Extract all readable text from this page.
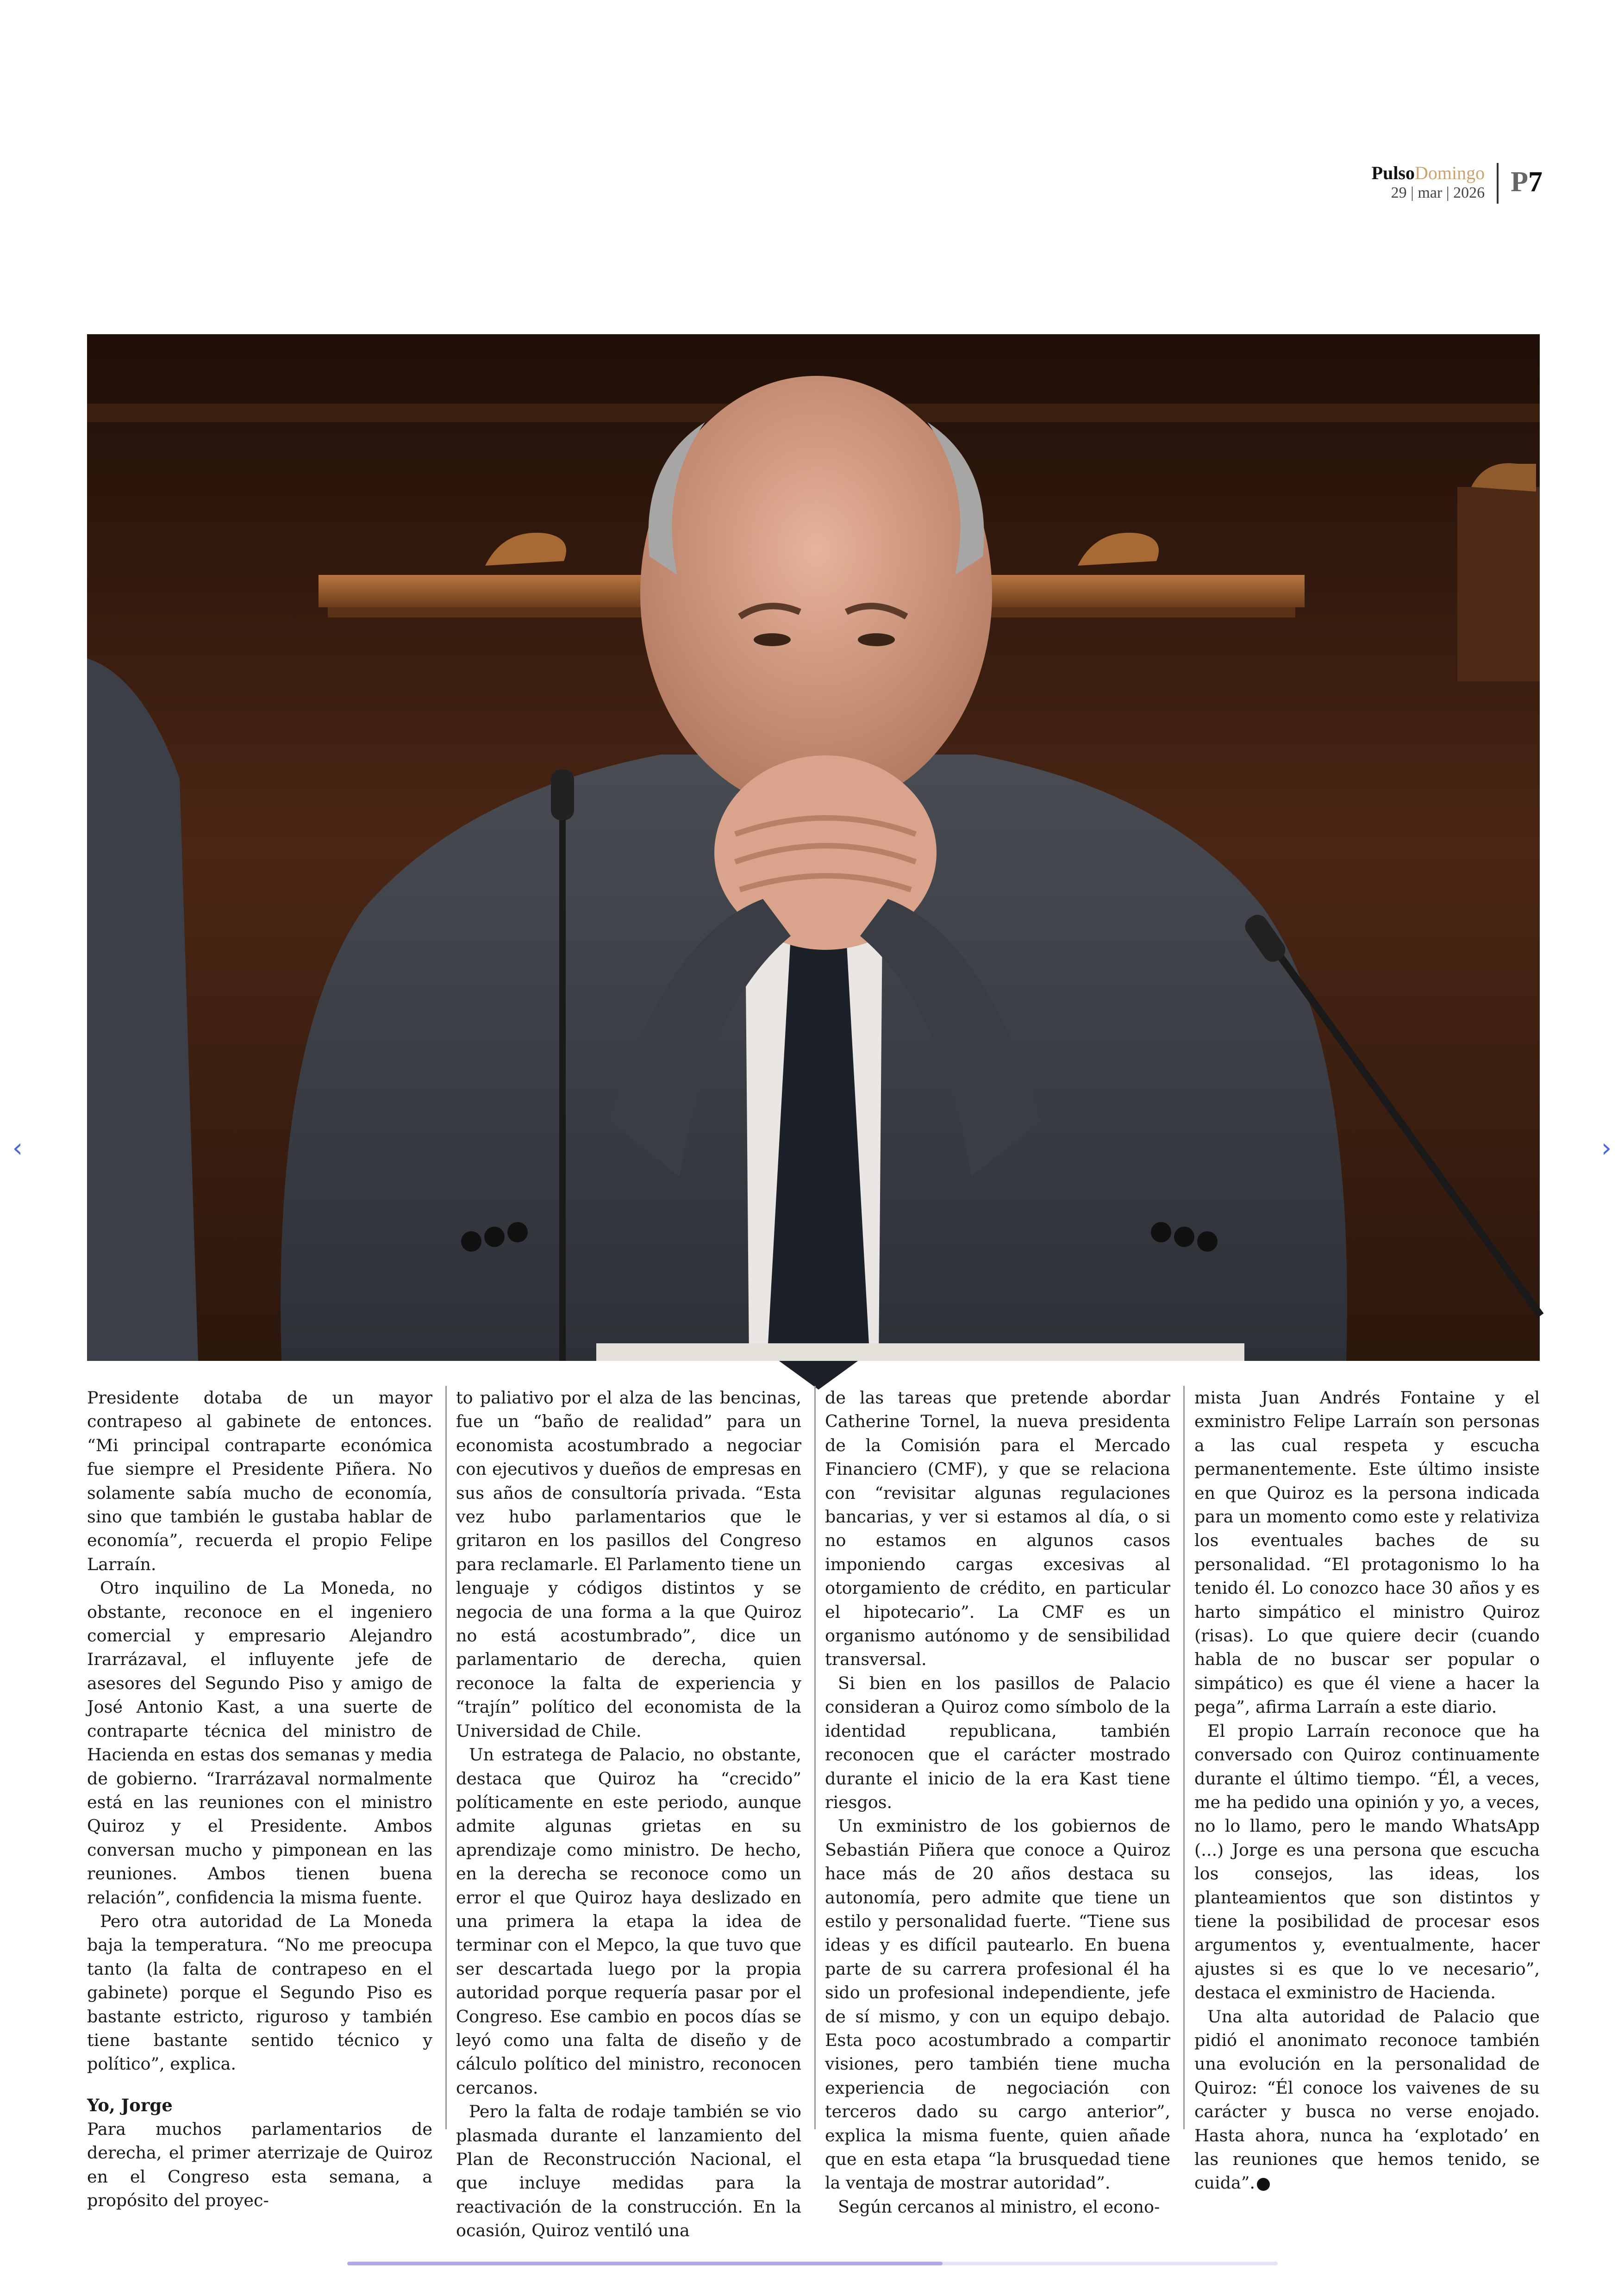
PulsoDomingo
29 | mar | 2026 P7
‹	›

Presidente dotaba de un mayor contrapeso al gabinete de entonces. “Mi principal contraparte económica fue siempre el Presidente Piñera. No solamente sabía mucho de economía, sino que también le gustaba hablar de economía”, recuerda el propio Felipe Larraín.

Otro inquilino de La Moneda, no obstante, reconoce en el ingeniero comercial y empresario Alejandro Irarrázaval, el influyente jefe de asesores del Segundo Piso y amigo de José Antonio Kast, a una suerte de contraparte técnica del ministro de Hacienda en estas dos semanas y media de gobierno. “Irarrázaval normalmente está en las reuniones con el ministro Quiroz y el Presidente. Ambos conversan mucho y pimponean en las reuniones. Ambos tienen buena relación”, confidencia la misma fuente.

Pero otra autoridad de La Moneda baja la temperatura. “No me preocupa tanto (la falta de contrapeso en el gabinete) porque el Segundo Piso es bastante estricto, riguroso y también tiene bastante sentido técnico y político”, explica.

Yo, Jorge

Para muchos parlamentarios de derecha, el primer aterrizaje de Quiroz en el Congreso esta semana, a propósito del proyec-

to paliativo por el alza de las bencinas, fue un “baño de realidad” para un economista acostumbrado a negociar con ejecutivos y dueños de empresas en sus años de consultoría privada. “Esta vez hubo parlamentarios que le gritaron en los pasillos del Congreso para reclamarle. El Parlamento tiene un lenguaje y códigos distintos y se negocia de una forma a la que Quiroz no está acostumbrado”, dice un parlamentario de derecha, quien reconoce la falta de experiencia y “trajín” político del economista de la Universidad de Chile.

Un estratega de Palacio, no obstante, destaca que Quiroz ha “crecido” políticamente en este periodo, aunque admite algunas grietas en su aprendizaje como ministro. De hecho, en la derecha se reconoce como un error el que Quiroz haya deslizado en una primera la etapa la idea de terminar con el Mepco, la que tuvo que ser descartada luego por la propia autoridad porque requería pasar por el Congreso. Ese cambio en pocos días se leyó como una falta de diseño y de cálculo político del ministro, reconocen cercanos.

Pero la falta de rodaje también se vio plasmada durante el lanzamiento del Plan de Reconstrucción Nacional, el que incluye medidas para la reactivación de la construcción. En la ocasión, Quiroz ventiló una

de las tareas que pretende abordar Catherine Tornel, la nueva presidenta de la Comisión para el Mercado Financiero (CMF), y que se relaciona con “revisitar algunas regulaciones bancarias, y ver si estamos al día, o si no estamos en algunos casos imponiendo cargas excesivas al otorgamiento de crédito, en particular el hipotecario”. La CMF es un organismo autónomo y de sensibilidad transversal.

Si bien en los pasillos de Palacio consideran a Quiroz como símbolo de la identidad republicana, también reconocen que el carácter mostrado durante el inicio de la era Kast tiene riesgos.

Un exministro de los gobiernos de Sebastián Piñera que conoce a Quiroz hace más de 20 años destaca su autonomía, pero admite que tiene un estilo y personalidad fuerte. “Tiene sus ideas y es difícil pautearlo. En buena parte de su carrera profesional él ha sido un profesional independiente, jefe de sí mismo, y con un equipo debajo. Esta poco acostumbrado a compartir visiones, pero también tiene mucha experiencia de negociación con terceros dado su cargo anterior”, explica la misma fuente, quien añade que en esta etapa “la brusquedad tiene la ventaja de mostrar autoridad”.

Según cercanos al ministro, el econo-

mista Juan Andrés Fontaine y el exministro Felipe Larraín son personas a las cual respeta y escucha permanentemente. Este último insiste en que Quiroz es la persona indicada para un momento como este y relativiza los eventuales baches de su personalidad. “El protagonismo lo ha tenido él. Lo conozco hace 30 años y es harto simpático el ministro Quiroz (risas). Lo que quiere decir (cuando habla de no buscar ser popular o simpático) es que él viene a hacer la pega”, afirma Larraín a este diario.

El propio Larraín reconoce que ha conversado con Quiroz continuamente durante el último tiempo. “Él, a veces, me ha pedido una opinión y yo, a veces, no lo llamo, pero le mando WhatsApp (...) Jorge es una persona que escucha los consejos, las ideas, los planteamientos que son distintos y tiene la posibilidad de procesar esos argumentos y, eventualmente, hacer ajustes si es que lo ve necesario”, destaca el exministro de Hacienda.

Una alta autoridad de Palacio que pidió el anonimato reconoce también una evolución en la personalidad de Quiroz: “Él conoce los vaivenes de su carácter y busca no verse enojado. Hasta ahora, nunca ha ‘explotado’ en las reuniones que hemos tenido, se cuida”. P
